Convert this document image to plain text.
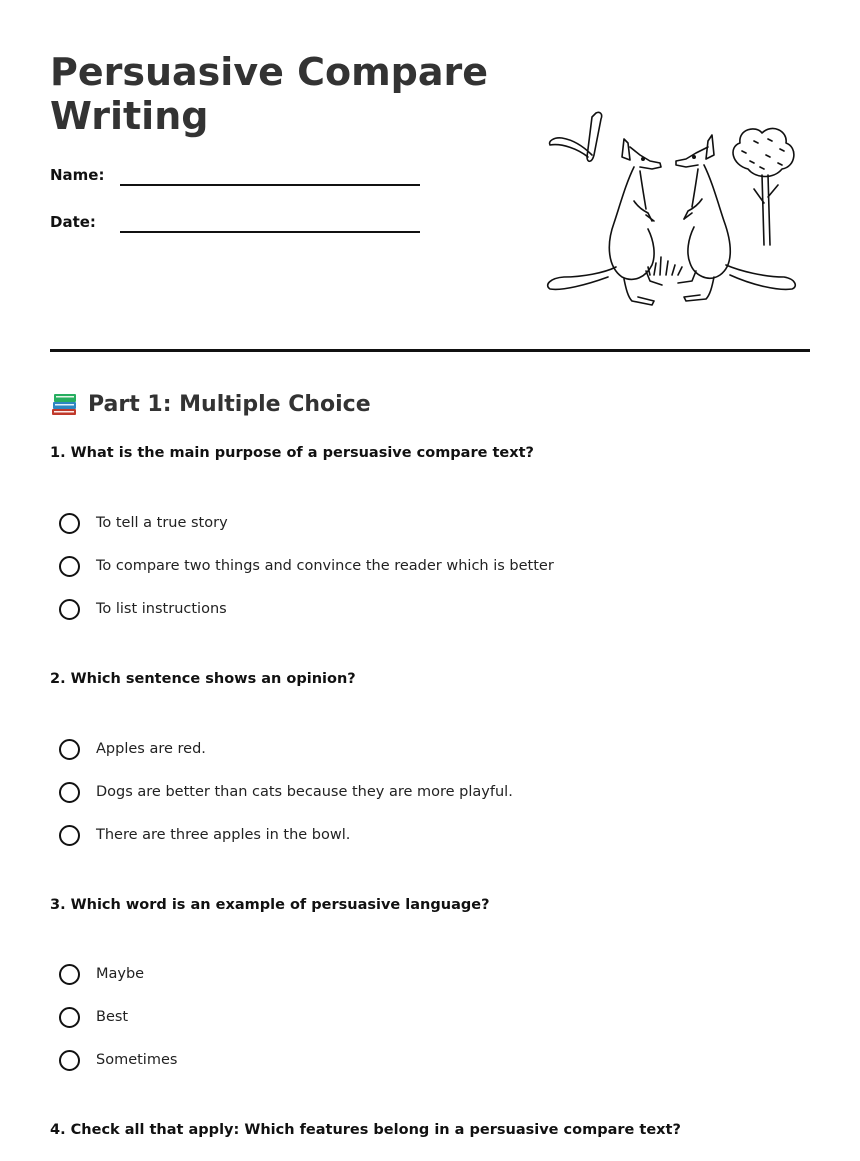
Persuasive Compare
Writing
Name:
Date:
Part 1: Multiple Choice

1. What is the main purpose of a persuasive compare text?

To tell a true story
To compare two things and convince the reader which is better
To list instructions

2. Which sentence shows an opinion?

Apples are red.
Dogs are better than cats because they are more playful.
There are three apples in the bowl.

3. Which word is an example of persuasive language?

Maybe
Best
Sometimes

4. Check all that apply: Which features belong in a persuasive compare text?
